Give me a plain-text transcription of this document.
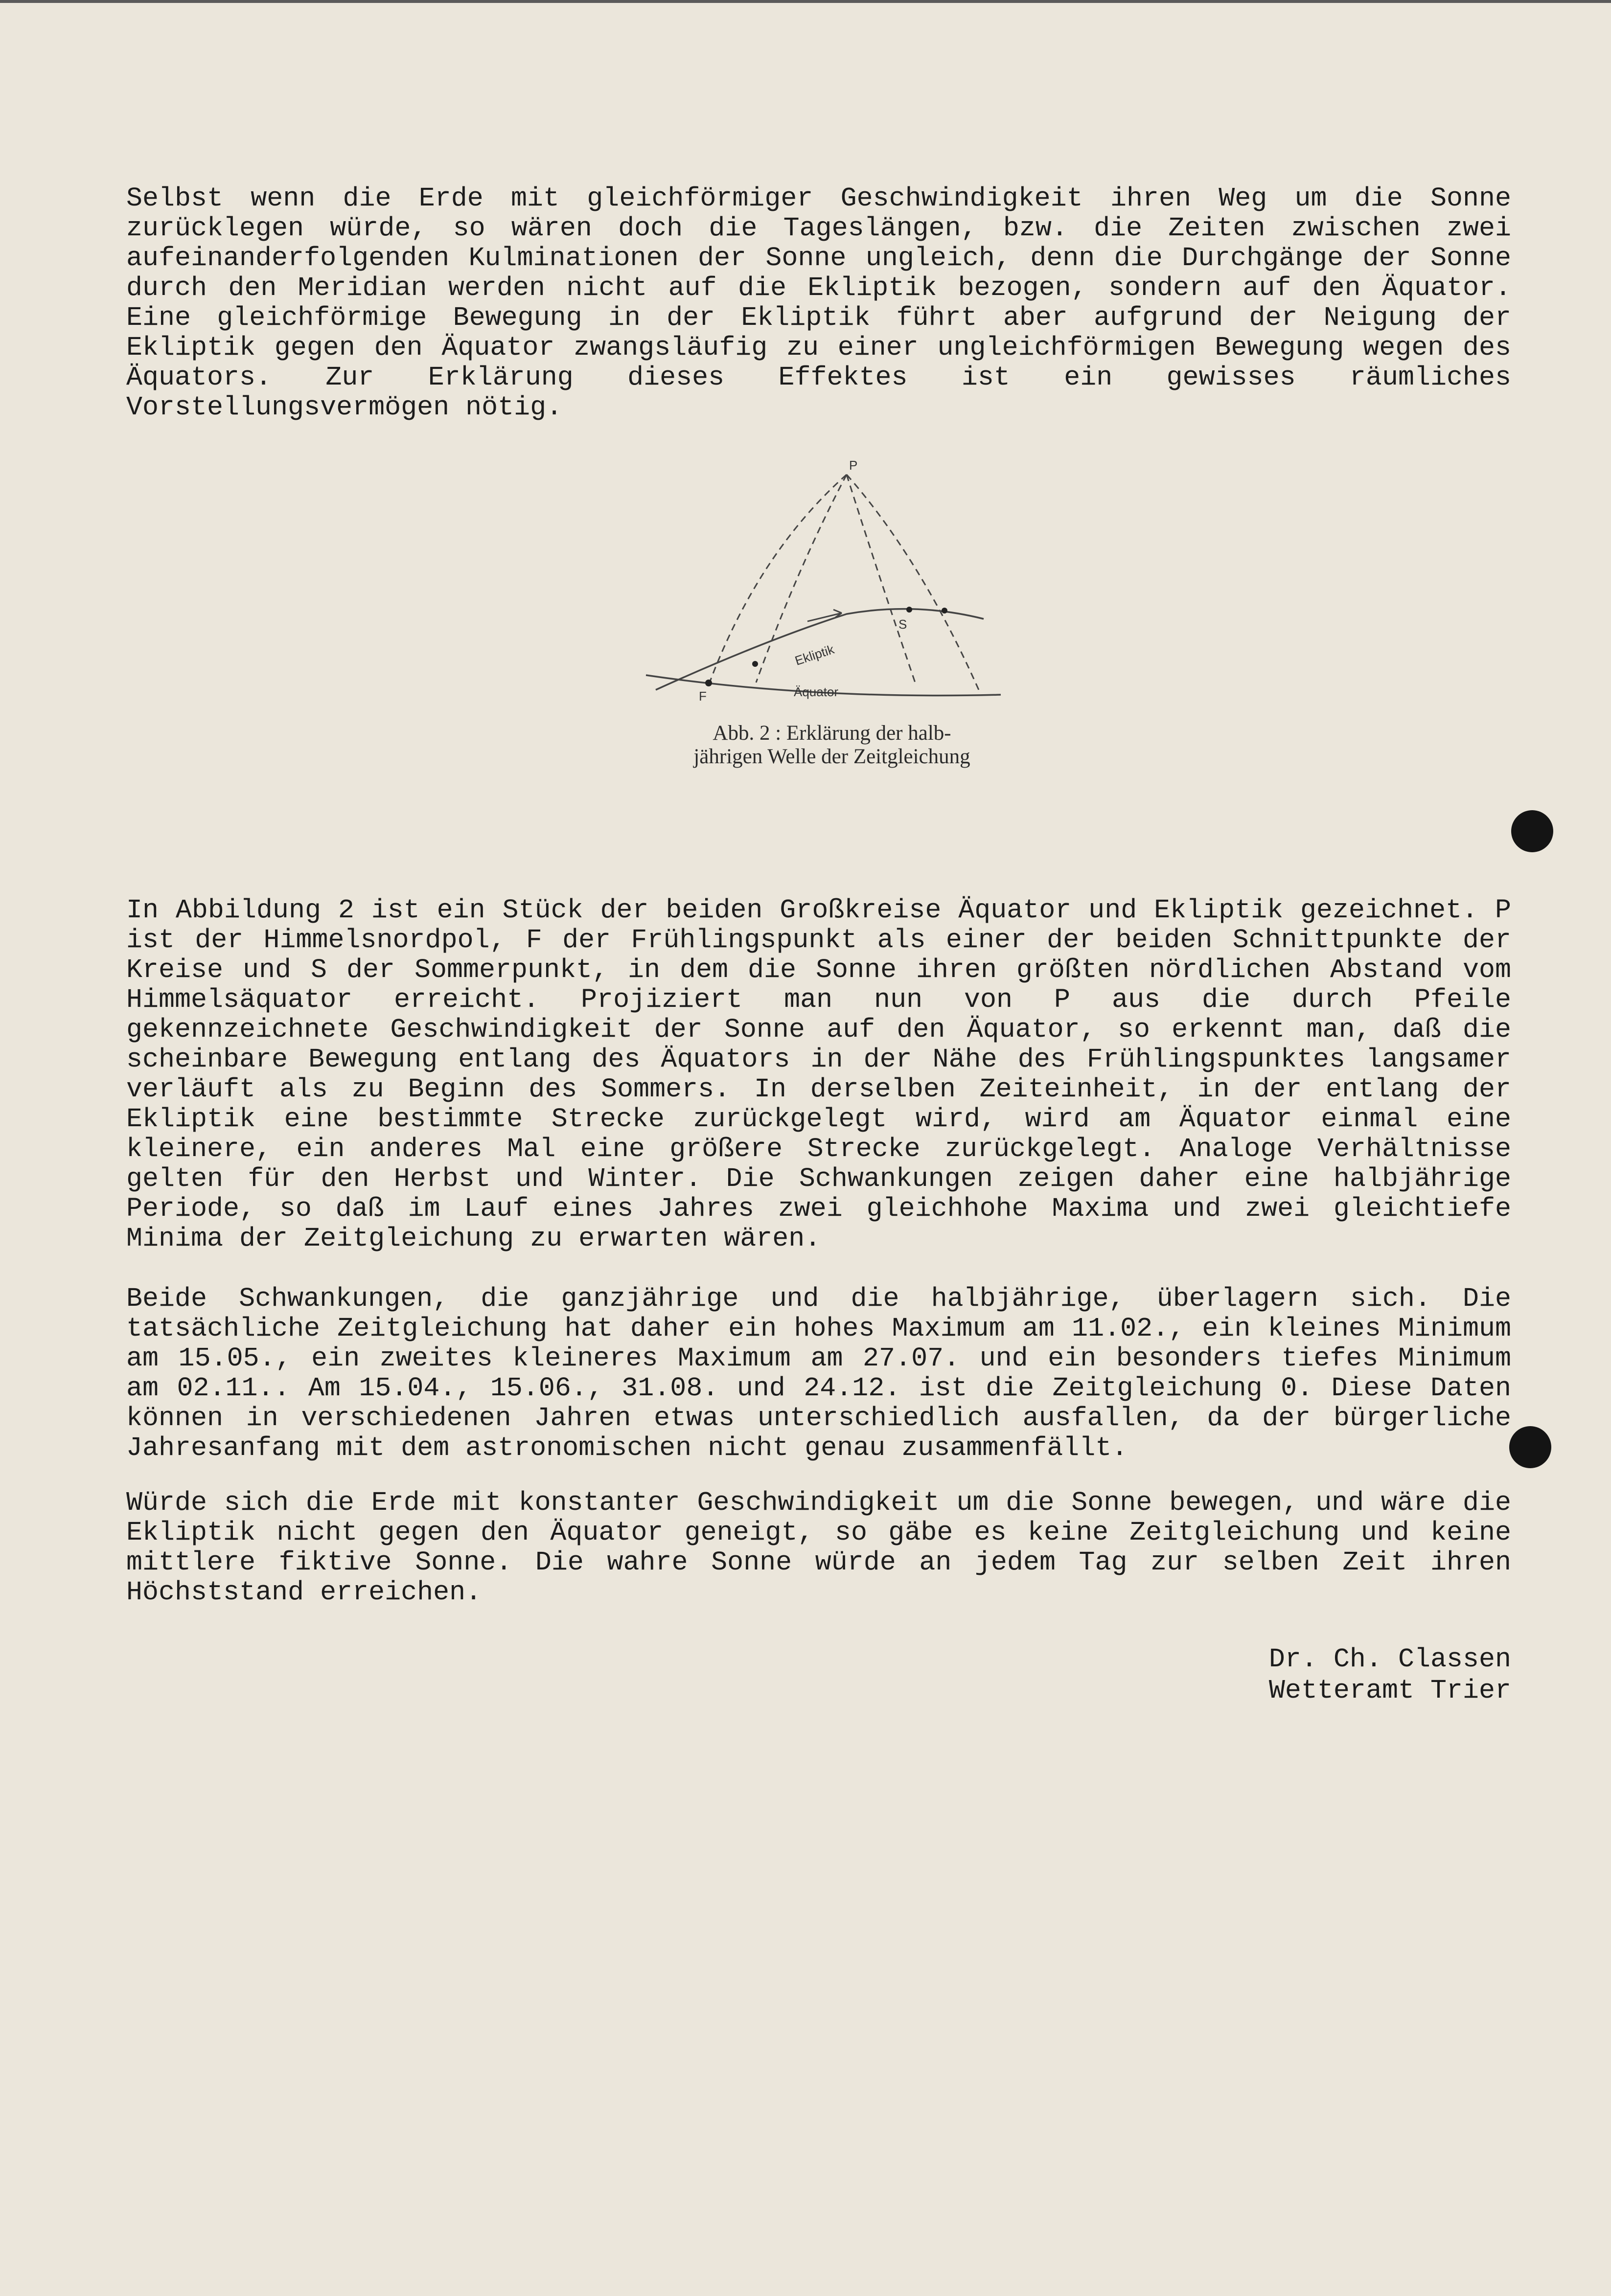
Selbst wenn die Erde mit gleichförmiger Geschwindigkeit ihren Weg um die Sonne zurücklegen würde, so wären doch die Tageslängen, bzw. die Zeiten zwischen zwei aufeinanderfolgenden Kulminationen der Sonne ungleich, denn die Durchgänge der Sonne durch den Meridian werden nicht auf die Ekliptik bezogen, sondern auf den Äquator. Eine gleichförmige Bewegung in der Ekliptik führt aber aufgrund der Neigung der Ekliptik gegen den Äquator zwangsläufig zu einer ungleichförmigen Bewegung wegen des Äquators. Zur Erklärung dieses Effektes ist ein gewisses räumliches Vorstellungsvermögen nötig.

P
F
S
Ekliptik
Äquator
Abb. 2 : Erklärung der halb-
jährigen Welle der Zeitgleichung

In Abbildung 2 ist ein Stück der beiden Großkreise Äquator und Ekliptik gezeichnet. P ist der Himmelsnordpol, F der Frühlingspunkt als einer der beiden Schnittpunkte der Kreise und S der Sommerpunkt, in dem die Sonne ihren größten nördlichen Abstand vom Himmelsäquator erreicht. Projiziert man nun von P aus die durch Pfeile gekennzeichnete Geschwindigkeit der Sonne auf den Äquator, so erkennt man, daß die scheinbare Bewegung entlang des Äquators in der Nähe des Frühlingspunktes langsamer verläuft als zu Beginn des Sommers. In derselben Zeiteinheit, in der entlang der Ekliptik eine bestimmte Strecke zurückgelegt wird, wird am Äquator einmal eine kleinere, ein anderes Mal eine größere Strecke zurückgelegt. Analoge Verhältnisse gelten für den Herbst und Winter. Die Schwankungen zeigen daher eine halbjährige Periode, so daß im Lauf eines Jahres zwei gleichhohe Maxima und zwei gleichtiefe Minima der Zeitgleichung zu erwarten wären.

Beide Schwankungen, die ganzjährige und die halbjährige, überlagern sich. Die tatsächliche Zeitgleichung hat daher ein hohes Maximum am 11.02., ein kleines Minimum am 15.05., ein zweites kleineres Maximum am 27.07. und ein besonders tiefes Minimum am 02.11.. Am 15.04., 15.06., 31.08. und 24.12. ist die Zeitgleichung 0. Diese Daten können in verschiedenen Jahren etwas unterschiedlich ausfallen, da der bürgerliche Jahresanfang mit dem astronomischen nicht genau zusammenfällt.

Würde sich die Erde mit konstanter Geschwindigkeit um die Sonne bewegen, und wäre die Ekliptik nicht gegen den Äquator geneigt, so gäbe es keine Zeitgleichung und keine mittlere fiktive Sonne. Die wahre Sonne würde an jedem Tag zur selben Zeit ihren Höchststand erreichen.

Dr. Ch. Classen
Wetteramt Trier
